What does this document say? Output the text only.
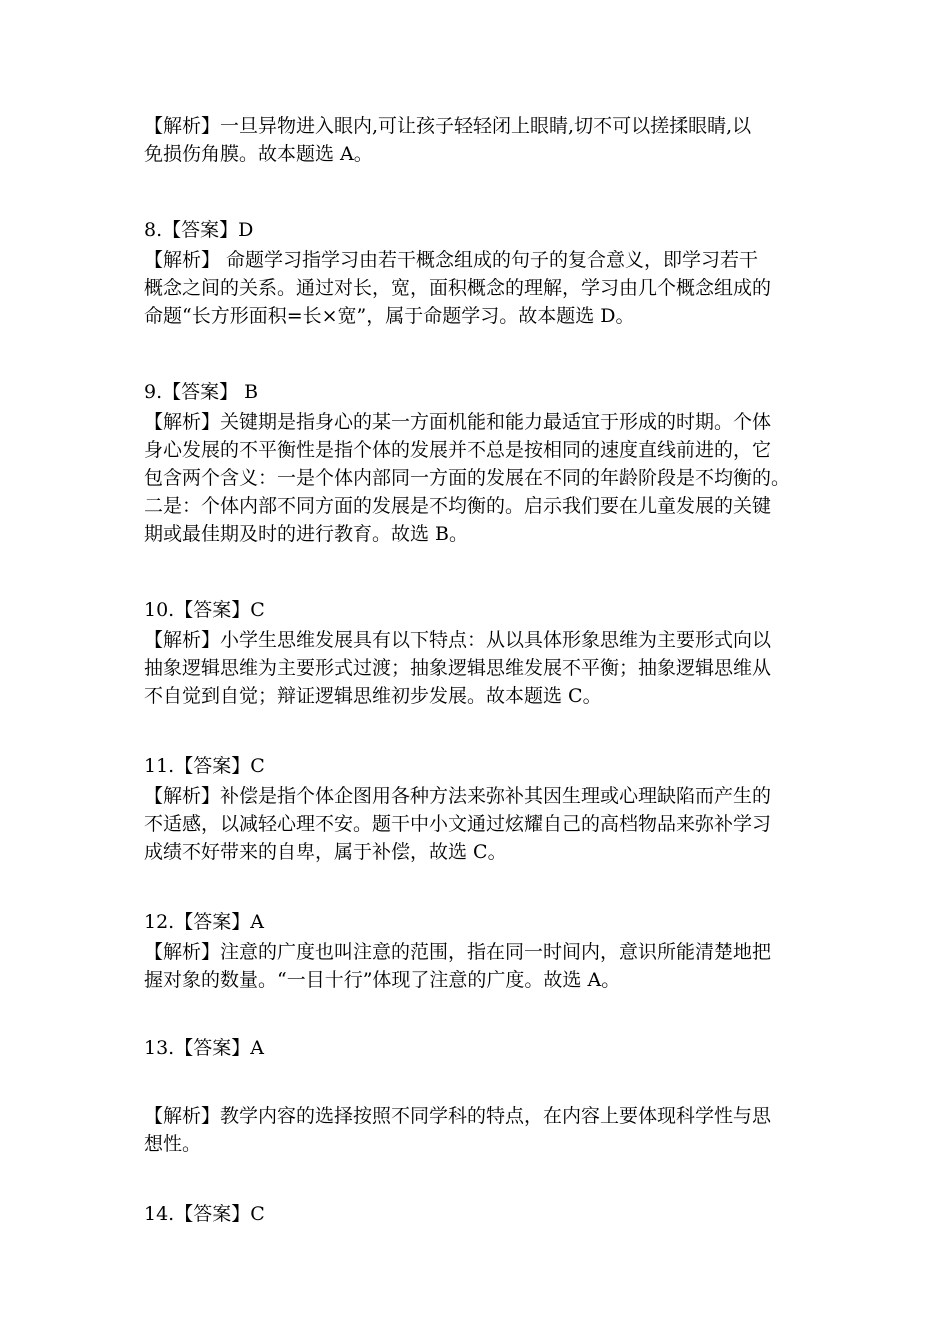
【解析】一旦异物进入眼内,可让孩子轻轻闭上眼睛,切不可以搓揉眼睛,以
免损伤角膜。故本题选 A。
8.【答案】D
【解析】 命题学习指学习由若干概念组成的句子的复合意义，即学习若干
概念之间的关系。通过对长，宽，面积概念的理解，学习由几个概念组成的
命题“长方形面积=长×宽”，属于命题学习。故本题选 D。
9.【答案】 B
【解析】关键期是指身心的某一方面机能和能力最适宜于形成的时期。个体
身心发展的不平衡性是指个体的发展并不总是按相同的速度直线前进的，它
包含两个含义：一是个体内部同一方面的发展在不同的年龄阶段是不均衡的。
二是：个体内部不同方面的发展是不均衡的。启示我们要在儿童发展的关键
期或最佳期及时的进行教育。故选 B。
10.【答案】C
【解析】小学生思维发展具有以下特点：从以具体形象思维为主要形式向以
抽象逻辑思维为主要形式过渡；抽象逻辑思维发展不平衡；抽象逻辑思维从
不自觉到自觉；辩证逻辑思维初步发展。故本题选 C。
11.【答案】C
【解析】补偿是指个体企图用各种方法来弥补其因生理或心理缺陷而产生的
不适感，以减轻心理不安。题干中小文通过炫耀自己的高档物品来弥补学习
成绩不好带来的自卑，属于补偿，故选 C。
12.【答案】A
【解析】注意的广度也叫注意的范围，指在同一时间内，意识所能清楚地把
握对象的数量。“一目十行”体现了注意的广度。故选 A。
13.【答案】A
【解析】教学内容的选择按照不同学科的特点，在内容上要体现科学性与思
想性。
14.【答案】C
